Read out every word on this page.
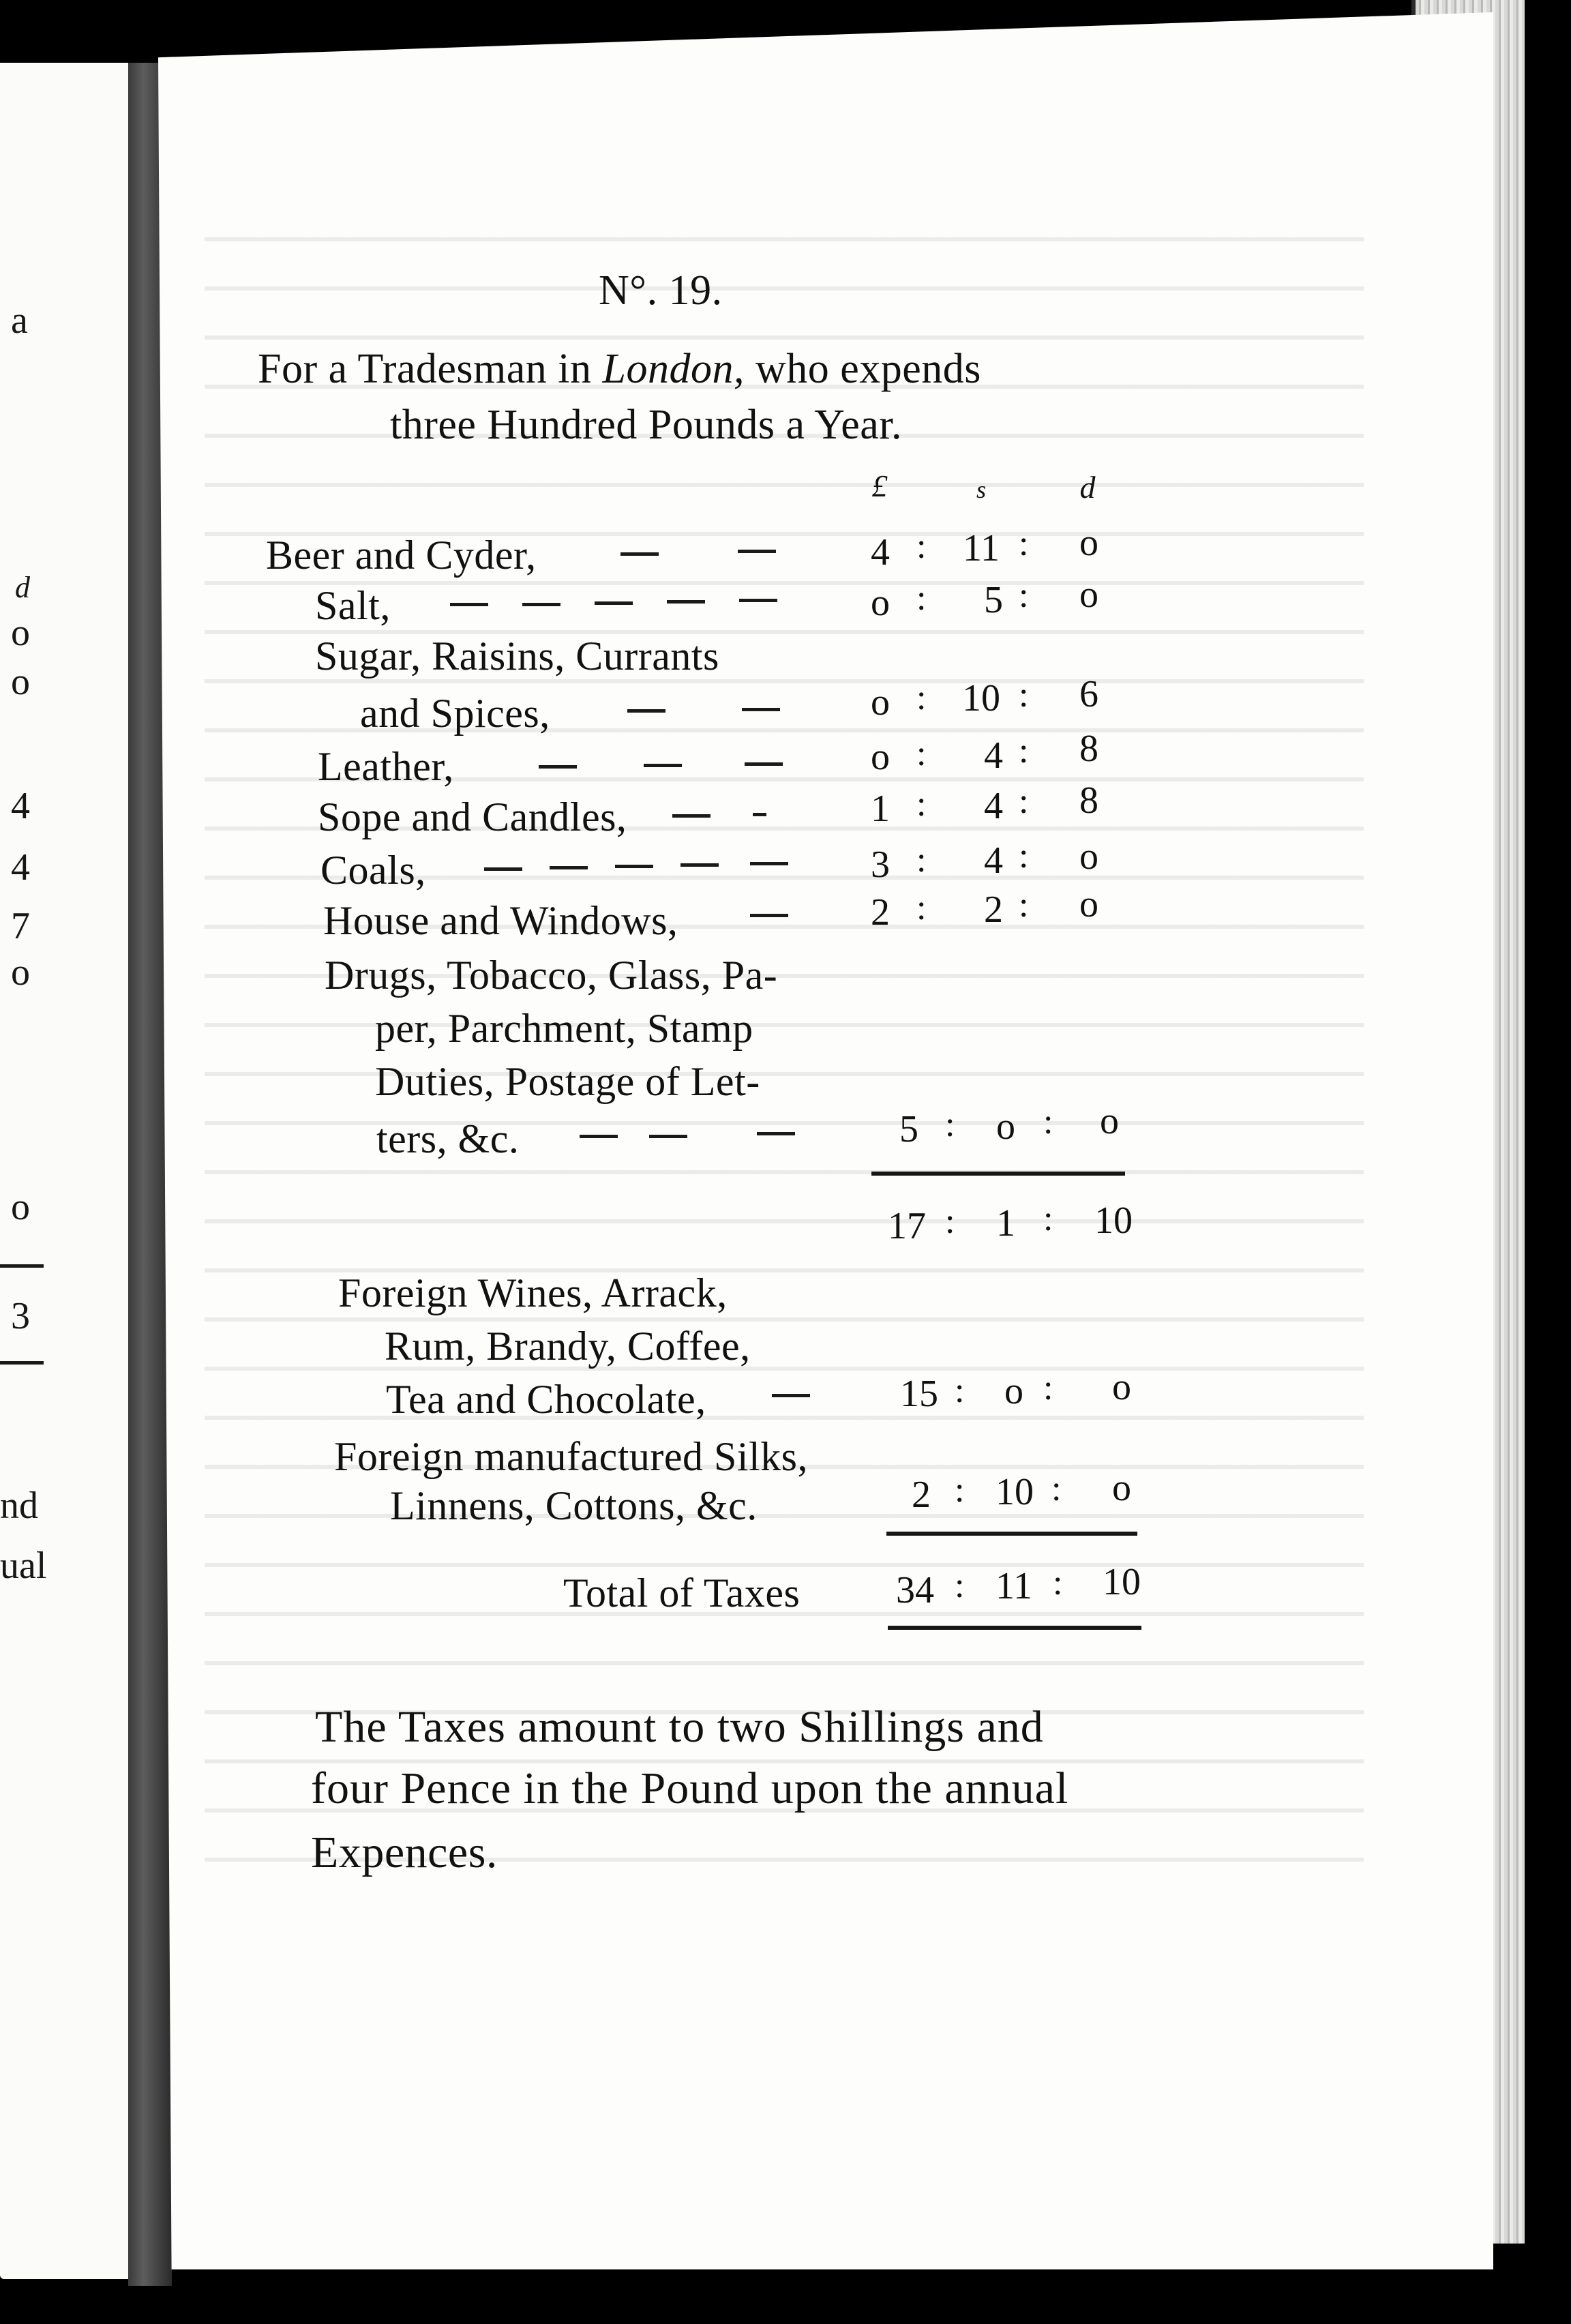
a
d
o
o
4
4
7
o
o
3
nd
ual
N°. 19.
For a Tradesman in London, who expends
three Hundred Pounds a Year.
£	s	d
Beer and Cyder,	4 : 11 :	o
Salt,	o :	5 :	o
Sugar, Raisins, Currants
and Spices,	o : 10 :	6
Leather,	o :	4 :	8
Sope and Candles,	1 :	4 :	8
Coals,	3 :	4 :	o
House and Windows,	2 :	2 :	o
Drugs, Tobacco, Glass, Pa-
per, Parchment, Stamp
Duties, Postage of Let-
ters, &c.	5 :	o :	o
17 :	1 :	10
Foreign Wines, Arrack,
Rum, Brandy, Coffee,
Tea and Chocolate,	15 :	o :	o
Foreign manufactured Silks,
Linnens, Cottons, &c.	2 : 10 :	o
Total of Taxes	34 : 11 :	10
The Taxes amount to two Shillings and
four Pence in the Pound upon the annual
Expences.
